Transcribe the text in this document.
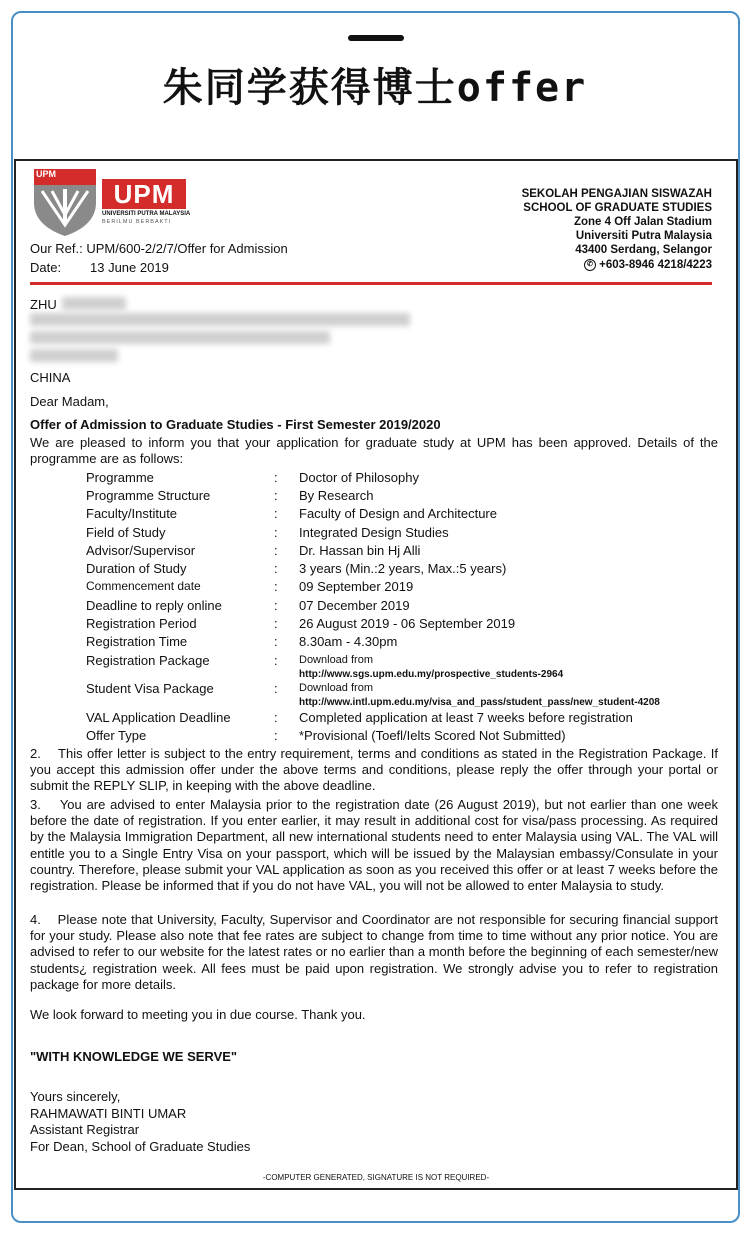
朱同学获得博士offer
UPM
UPM
UNIVERSITI PUTRA MALAYSIA
BERILMU BERBAKTI
SEKOLAH PENGAJIAN SISWAZAH
SCHOOL OF GRADUATE STUDIES
Zone 4 Off Jalan Stadium
Universiti Putra Malaysia
43400 Serdang, Selangor
✆ +603-8946 4218/4223
Our Ref.: UPM/600-2/2/7/Offer for Admission
Date: 13 June 2019
ZHU
CHINA
Dear Madam,
Offer of Admission to Graduate Studies - First Semester 2019/2020
We are pleased to inform you that your application for graduate study at UPM has been approved. Details of the programme are as follows:
Programme	: Doctor of Philosophy
Programme Structure	: By Research
Faculty/Institute	: Faculty of Design and Architecture
Field of Study	: Integrated Design Studies
Advisor/Supervisor	: Dr. Hassan bin Hj Alli
Duration of Study	: 3 years (Min.:2 years, Max.:5 years)
Commencement date	: 09 September 2019
Deadline to reply online	: 07 December 2019
Registration Period	: 26 August 2019 - 06 September 2019
Registration Time	: 8.30am - 4.30pm
Registration Package	: Download from
http://www.sgs.upm.edu.my/prospective_students-2964
Student Visa Package	: Download from
http://www.intl.upm.edu.my/visa_and_pass/student_pass/new_student-4208
VAL Application Deadline	: Completed application at least 7 weeks before registration
Offer Type	: *Provisional (Toefl/Ielts Scored Not Submitted)
2.    This offer letter is subject to the entry requirement, terms and conditions as stated in the Registration Package. If you accept this admission offer under the above terms and conditions, please reply the offer through your portal or submit the REPLY SLIP, in keeping with the above deadline.
3.    You are advised to enter Malaysia prior to the registration date (26 August 2019), but not earlier than one week before the date of registration. If you enter earlier, it may result in additional cost for visa/pass processing. As required by the Malaysia Immigration Department, all new international students need to enter Malaysia using VAL. The VAL will entitle you to a Single Entry Visa on your passport, which will be issued by the Malaysian embassy/Consulate in your country. Therefore, please submit your VAL application as soon as you received this offer or at least 7 weeks before the registration. Please be informed that if you do not have VAL, you will not be allowed to enter Malaysia to study.
4.    Please note that University, Faculty, Supervisor and Coordinator are not responsible for securing financial support for your study. Please also note that fee rates are subject to change from time to time without any prior notice. You are advised to refer to our website for the latest rates or no earlier than a month before the beginning of each semester/new students¿ registration week. All fees must be paid upon registration. We strongly advise you to refer to registration package for more details.
We look forward to meeting you in due course. Thank you.
"WITH KNOWLEDGE WE SERVE"
Yours sincerely,
RAHMAWATI BINTI UMAR
Assistant Registrar
For Dean, School of Graduate Studies
-COMPUTER GENERATED, SIGNATURE IS NOT REQUIRED-
